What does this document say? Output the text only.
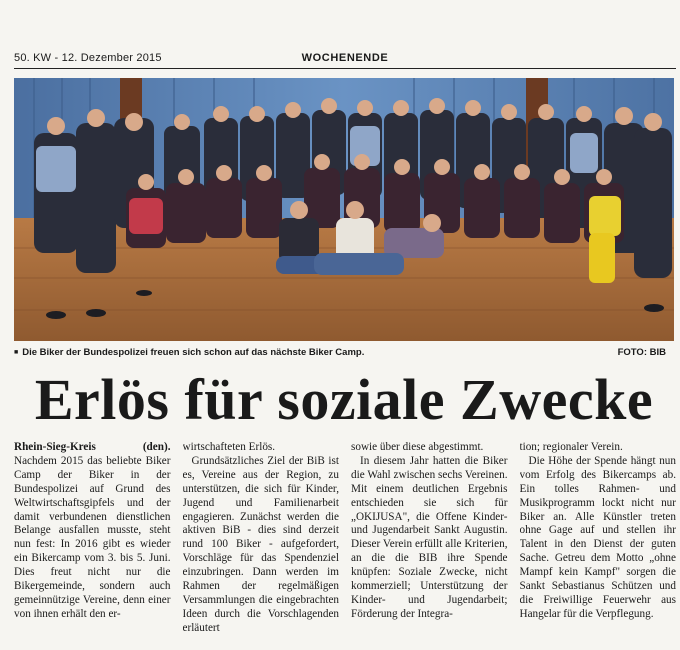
50. KW - 12. Dezember 2015	WOCHENENDE
■ Die Biker der Bundespolizei freuen sich schon auf das nächste Biker Camp.	FOTO: BIB
Erlös für soziale Zwecke

Rhein-Sieg-Kreis (den). Nachdem 2015 das beliebte Biker Camp der Biker in der Bundespolizei auf Grund des Weltwirtschaftsgipfels und der damit verbundenen dienstlichen Belange ausfallen musste, steht nun fest: In 2016 gibt es wieder ein Bikercamp vom 3. bis 5. Juni. Dies freut nicht nur die Bikergemeinde, sondern auch gemeinnützige Vereine, denn einer von ihnen erhält den er-

wirtschafteten Erlös.

Grundsätzliches Ziel der BiB ist es, Vereine aus der Region, zu unterstützen, die sich für Kinder, Jugend und Familienarbeit engagieren. Zunächst werden die aktiven BiB - dies sind derzeit rund 100 Biker - aufgefordert, Vorschläge für das Spendenziel einzubringen. Dann werden im Rahmen der regelmäßigen Versammlungen die eingebrachten Ideen durch die Vorschlagenden erläutert

sowie über diese abgestimmt.

In diesem Jahr hatten die Biker die Wahl zwischen sechs Vereinen. Mit einem deutlichen Ergebnis entschieden sie sich für „OKIJUSA", die Offene Kinder- und Jugendarbeit Sankt Augustin. Dieser Verein erfüllt alle Kriterien, an die die BIB ihre Spende knüpfen: Soziale Zwecke, nicht kommerziell; Unterstützung der Kinder- und Jugendarbeit; Förderung der Integra-

tion; regionaler Verein.

Die Höhe der Spende hängt nun vom Erfolg des Bikercamps ab. Ein tolles Rahmen- und Musikprogramm lockt nicht nur Biker an. Alle Künstler treten ohne Gage auf und stellen ihr Talent in den Dienst der guten Sache. Getreu dem Motto „ohne Mampf kein Kampf" sorgen die Sankt Sebastianus Schützen und die Freiwillige Feuerwehr aus Hangelar für die Verpflegung.
